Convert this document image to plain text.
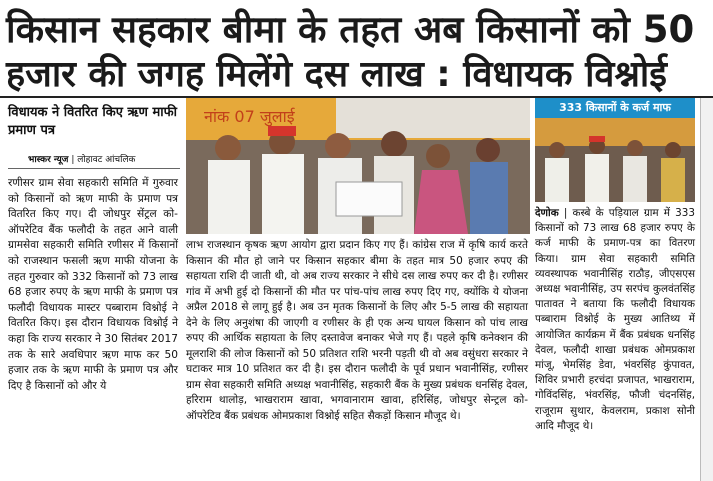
किसान सहकार बीमा के तहत अब किसानों को 50
हजार की जगह मिलेंगे दस लाख : विधायक विश्नोई
विधायक ने वितरित किए ऋण माफी प्रमाण पत्र
भास्कर न्यूज | लोहावट आंचलिक
रणीसर ग्राम सेवा सहकारी समिति में गुरुवार को किसानों को ऋण माफी के प्रमाण पत्र वितरित किए गए। दी जोधपुर सेंट्रल को-ऑपरेटिव बैंक फलौदी के तहत आने वाली ग्रामसेवा सहकारी समिति रणीसर में किसानों को राजस्थान फसली ऋण माफी योजना के तहत गुरुवार को 332 किसानों को 73 लाख 68 हजार रुपए के ऋण माफी के प्रमाण पत्र फलौदी विधायक मास्टर पब्बाराम विश्नोई ने वितरित किए। इस दौरान विधायक विश्नोई ने कहा कि राज्य सरकार ने 30 सितंबर 2017 तक के सारे अवधिपार ऋण माफ कर 50 हजार तक के ऋण माफी के प्रमाण पत्र और दिए है किसानों को और ये
नांक 07 जुलाई	333 किसानों के कर्ज माफ
लाभ राजस्थान कृषक ऋण आयोग द्वारा प्रदान किए गए हैं। कांग्रेस राज में कृषि कार्य करते किसान की मौत हो जाने पर किसान सहकार बीमा के तहत मात्र 50 हजार रुपए की सहायता राशि दी जाती थी, वो अब राज्य सरकार ने सीधे दस लाख रुपए कर दी है। रणीसर गांव में अभी हुई दो किसानों की मौत पर पांच-पांच लाख रुपए दिए गए, क्योंकि ये योजना अप्रैल 2018 से लागू हुई है। अब उन मृतक किसानों के लिए और 5-5 लाख की सहायता देने के लिए अनुशंषा की जाएगी व रणीसर के ही एक अन्य घायल किसान को पांच लाख रुपए की आर्थिक सहायता के लिए दस्तावेज बनाकर भेजे गए हैं। पहले कृषि कनेक्शन की मूलराशि की लोज किसानों को 50 प्रतिशत राशि भरनी पड़ती थी वो अब वसुंधरा सरकार ने घटाकर मात्र 10 प्रतिशत कर दी है। इस दौरान फलौदी के पूर्व प्रधान भवानीसिंह, रणीसर ग्राम सेवा सहकारी समिति अध्यक्ष भवानीसिंह, सहकारी बैंक के मुख्य प्रबंधक धनसिंह देवल, हरिराम थालोड़, भाखराराम खावा, भगवानाराम खावा, हरिसिंह, जोधपुर सेन्ट्रल को-ऑपरेटिव बैंक प्रबंधक ओमप्रकाश विश्नोई सहित सैकड़ों किसान मौजूद थे।
देणोक | कस्बे के पड़ियाल ग्राम में 333 किसानों को 73 लाख 68 हजार रुपए के कर्ज माफी के प्रमाण-पत्र का वितरण किया। ग्राम सेवा सहकारी समिति व्यवस्थापक भवानीसिंह राठौड़, जीएसएस अध्यक्ष भवानीसिंह, उप सरपंच कुलवंतसिंह पातावत ने बताया कि फलौदी विधायक पब्बाराम विश्नोई के मुख्य आतिथ्य में आयोजित कार्यक्रम में बैंक प्रबंधक धनसिंह देवल, फलौदी शाखा प्रबंधक ओमप्रकाश मांजू, भेमसिंह डेवा, भंवरसिंह कुंपावत, शिविर प्रभारी हरचंदा प्रजापत, भाखराराम, गोविंदसिंह, भंवरसिंह, फौजी चंदनसिंह, राजूराम सुथार, केवलराम, प्रकाश सोनी आदि मौजूद थे।
